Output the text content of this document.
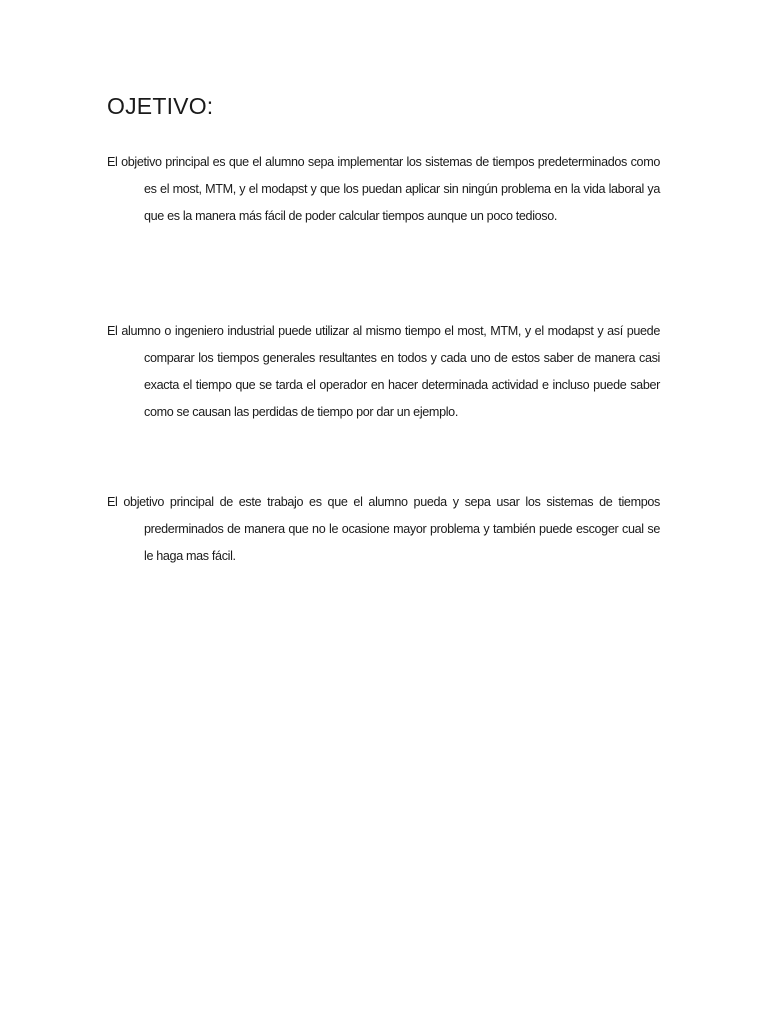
OJETIVO:

El objetivo principal es que el alumno sepa implementar los sistemas de tiempos predeterminados como es el most, MTM, y el modapst y que los puedan aplicar sin ningún problema en la vida laboral ya que es la manera más fácil de poder calcular tiempos aunque un poco tedioso.

El alumno o ingeniero industrial puede utilizar al mismo tiempo el most, MTM, y el modapst y así puede comparar los tiempos generales resultantes en todos y cada uno de estos saber de manera casi exacta el tiempo que se tarda el operador en hacer determinada actividad e incluso puede saber como se causan las perdidas de tiempo por dar un ejemplo.

El objetivo principal de este trabajo es que el alumno pueda y sepa usar los sistemas de tiempos prederminados de manera que no le ocasione mayor problema y también puede escoger cual se le haga mas fácil.
